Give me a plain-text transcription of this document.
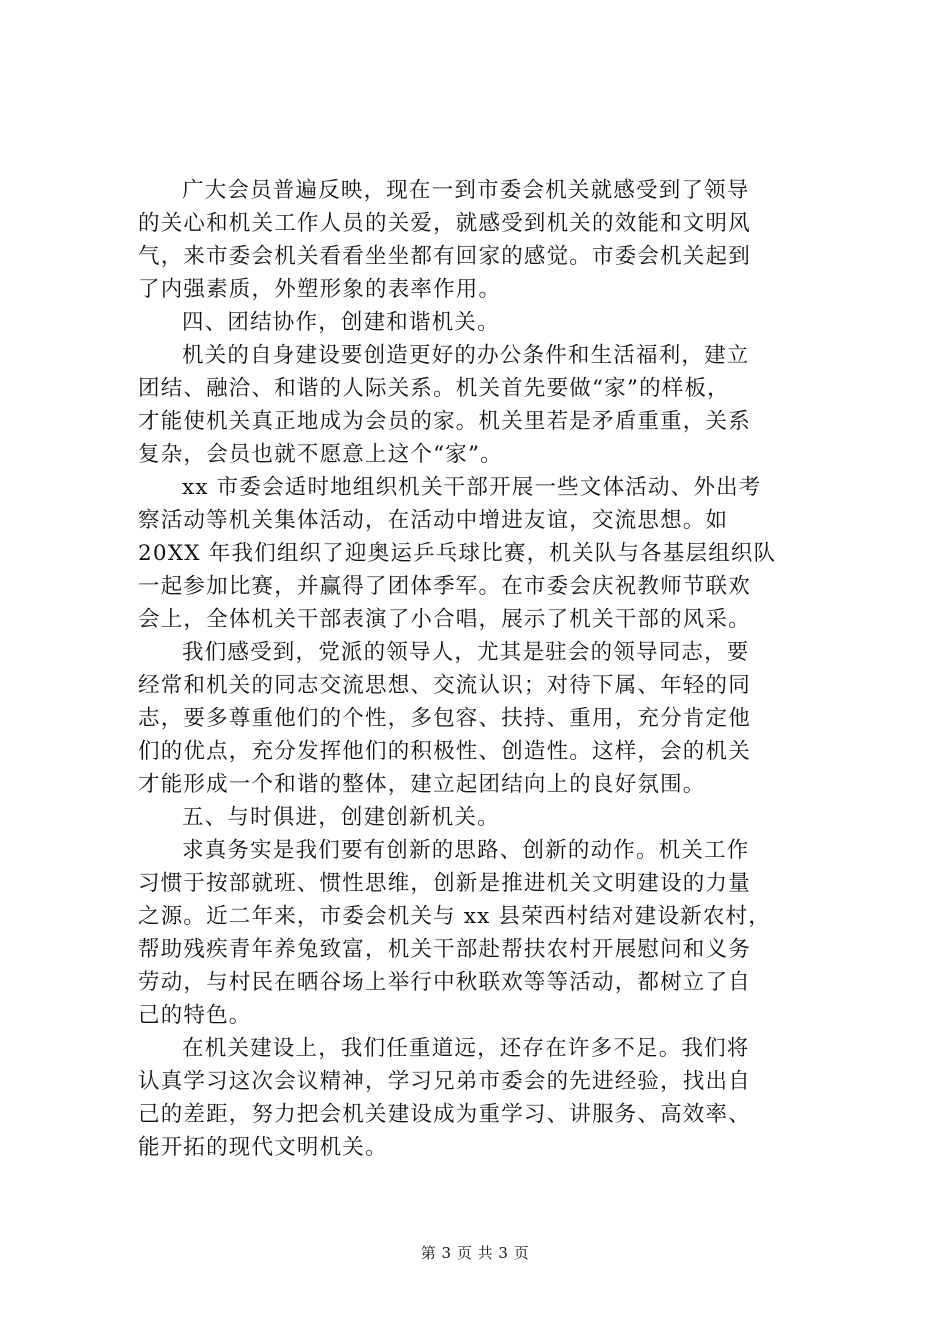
广大会员普遍反映，现在一到市委会机关就感受到了领导
的关心和机关工作人员的关爱，就感受到机关的效能和文明风
气，来市委会机关看看坐坐都有回家的感觉。市委会机关起到
了内强素质，外塑形象的表率作用。
四、团结协作，创建和谐机关。
机关的自身建设要创造更好的办公条件和生活福利，建立
团结、融洽、和谐的人际关系。机关首先要做“家”的样板，
才能使机关真正地成为会员的家。机关里若是矛盾重重，关系
复杂，会员也就不愿意上这个“家”。
xx 市委会适时地组织机关干部开展一些文体活动、外出考
察活动等机关集体活动，在活动中增进友谊，交流思想。如
20XX 年我们组织了迎奥运乒乓球比赛，机关队与各基层组织队
一起参加比赛，并赢得了团体季军。在市委会庆祝教师节联欢
会上，全体机关干部表演了小合唱，展示了机关干部的风采。
我们感受到，党派的领导人，尤其是驻会的领导同志，要
经常和机关的同志交流思想、交流认识；对待下属、年轻的同
志，要多尊重他们的个性，多包容、扶持、重用，充分肯定他
们的优点，充分发挥他们的积极性、创造性。这样，会的机关
才能形成一个和谐的整体，建立起团结向上的良好氛围。
五、与时俱进，创建创新机关。
求真务实是我们要有创新的思路、创新的动作。机关工作
习惯于按部就班、惯性思维，创新是推进机关文明建设的力量
之源。近二年来，市委会机关与 xx 县荣西村结对建设新农村，
帮助残疾青年养兔致富，机关干部赴帮扶农村开展慰问和义务
劳动，与村民在晒谷场上举行中秋联欢等等活动，都树立了自
己的特色。
在机关建设上，我们任重道远，还存在许多不足。我们将
认真学习这次会议精神，学习兄弟市委会的先进经验，找出自
己的差距，努力把会机关建设成为重学习、讲服务、高效率、
能开拓的现代文明机关。
第 3 页 共 3 页
